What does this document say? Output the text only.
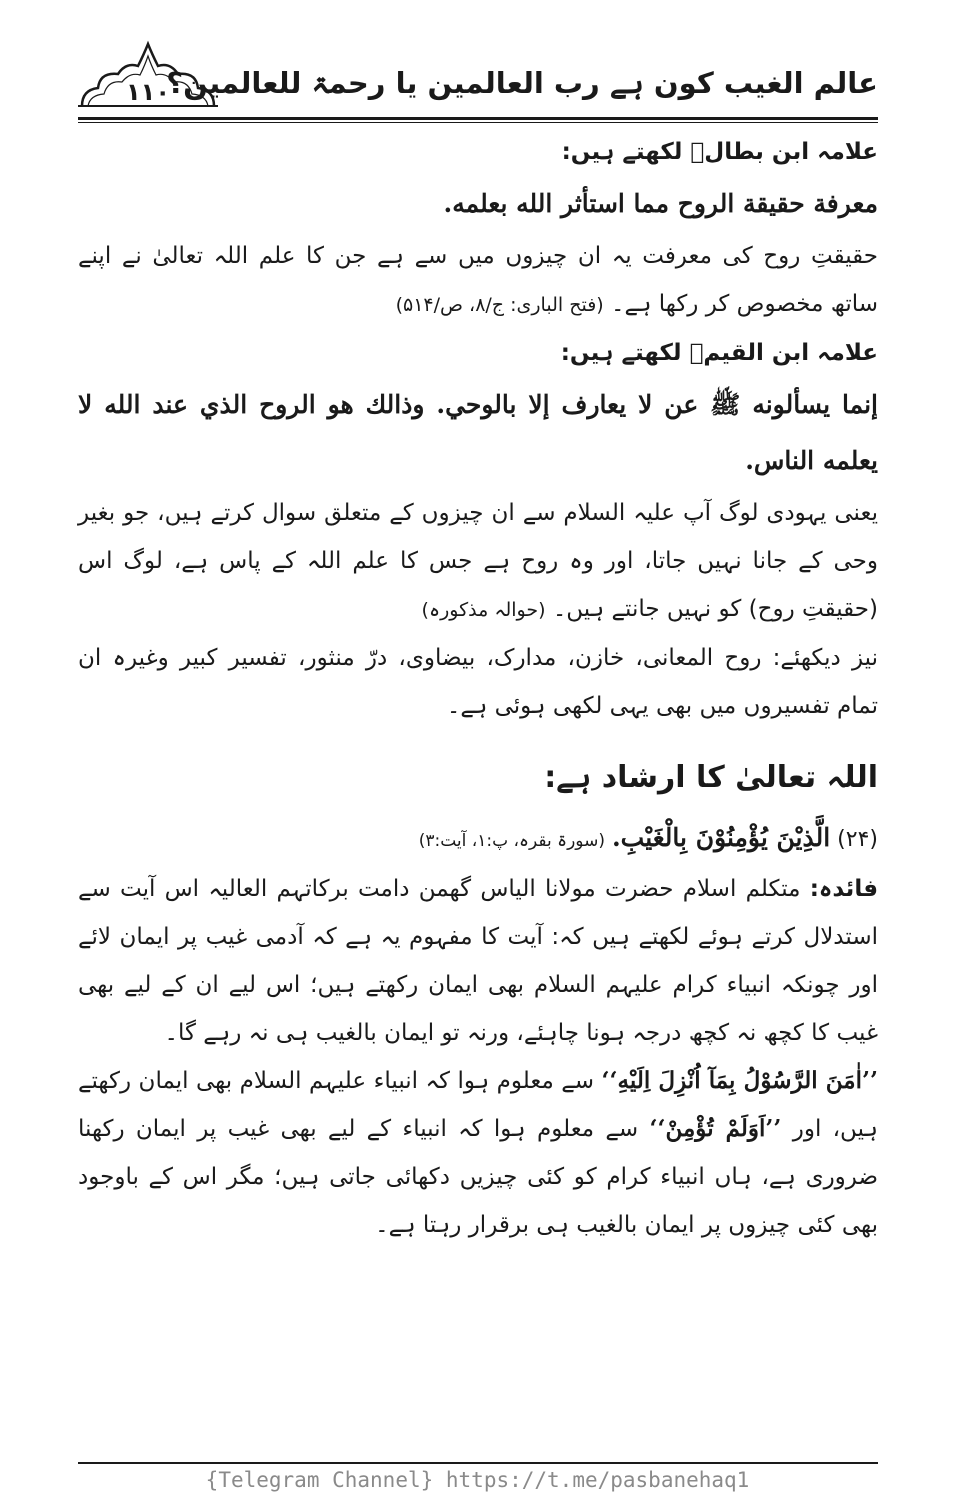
۱۱۰
عالم الغیب کون ہے رب العالمین یا رحمۃ للعالمین؟

علامہ ابن بطالؒ لکھتے ہیں:

معرفة حقيقة الروح مما استأثر الله بعلمه.

حقیقتِ روح کی معرفت یہ ان چیزوں میں سے ہے جن کا علم اللہ تعالیٰ نے اپنے ساتھ مخصوص کر رکھا ہے۔ (فتح الباری: ج/۸، ص/۵۱۴)

علامہ ابن القیمؒ لکھتے ہیں:

إنما يسألونه ﷺ عن لا يعارف إلا بالوحي. وذالك هو الروح الذي عند الله لا يعلمه الناس.

یعنی یہودی لوگ آپ علیہ السلام سے ان چیزوں کے متعلق سوال کرتے ہیں، جو بغیر وحی کے جانا نہیں جاتا، اور وہ روح ہے جس کا علم اللہ کے پاس ہے، لوگ اس (حقیقتِ روح) کو نہیں جانتے ہیں۔ (حوالہ مذکورہ)

نیز دیکھئے: روح المعانی، خازن، مدارک، بیضاوی، درّ منثور، تفسیر کبیر وغیرہ ان تمام تفسیروں میں بھی یہی لکھی ہوئی ہے۔

اللہ تعالیٰ کا ارشاد ہے:

(۲۴) الَّذِیْنَ یُؤْمِنُوْنَ بِالْغَیْبِ. (سورۃ بقرہ، پ:۱، آیت:۳)

فائدہ: متکلم اسلام حضرت مولانا الیاس گھمن دامت برکاتہم العالیہ اس آیت سے استدلال کرتے ہوئے لکھتے ہیں کہ: آیت کا مفہوم یہ ہے کہ آدمی غیب پر ایمان لائے اور چونکہ انبیاء کرام علیہم السلام بھی ایمان رکھتے ہیں؛ اس لیے ان کے لیے بھی غیب کا کچھ نہ کچھ درجہ ہونا چاہئے، ورنہ تو ایمان بالغیب ہی نہ رہے گا۔

’’اٰمَنَ الرَّسُوْلُ بِمَآ اُنْزِلَ اِلَیْهِ‘‘ سے معلوم ہوا کہ انبیاء علیہم السلام بھی ایمان رکھتے ہیں، اور ’’اَوَلَمْ تُؤْمِنْ‘‘ سے معلوم ہوا کہ انبیاء کے لیے بھی غیب پر ایمان رکھنا ضروری ہے، ہاں انبیاء کرام کو کئی چیزیں دکھائی جاتی ہیں؛ مگر اس کے باوجود بھی کئی چیزوں پر ایمان بالغیب ہی برقرار رہتا ہے۔

{Telegram Channel} https://t.me/pasbanehaq1
